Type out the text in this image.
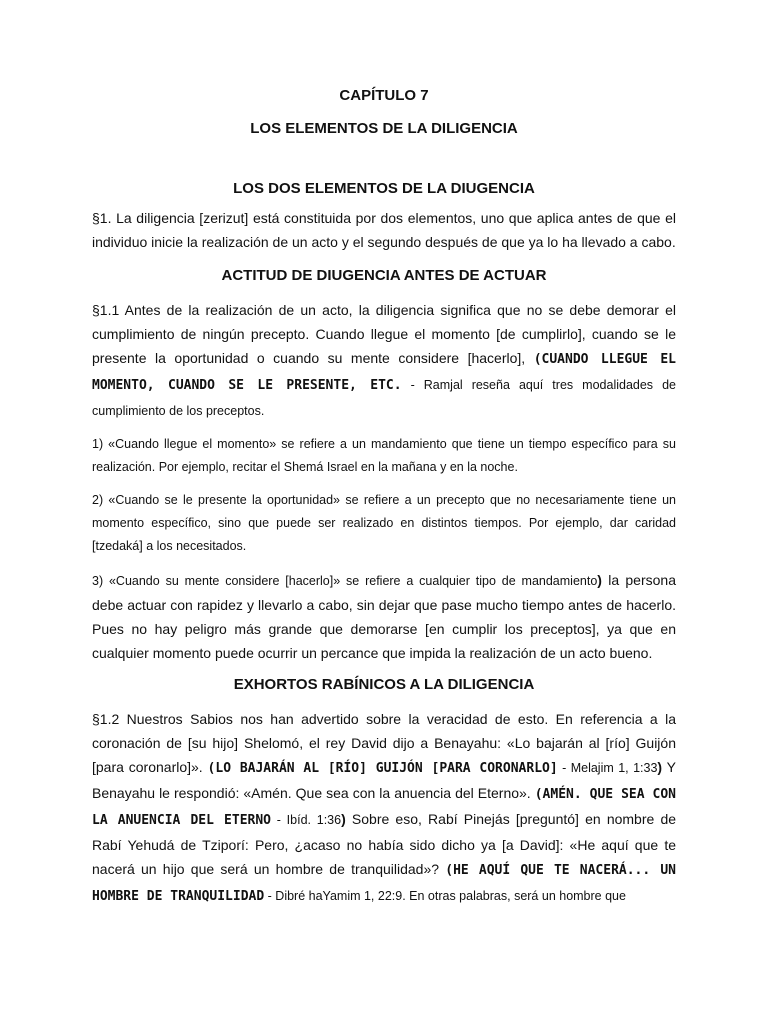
CAPÍTULO 7
LOS ELEMENTOS DE LA DILIGENCIA
LOS DOS ELEMENTOS DE LA DIUGENCIA

§1. La diligencia [zerizut] está constituida por dos elementos, uno que aplica antes de que el individuo inicie la realización de un acto y el segundo después de que ya lo ha llevado a cabo.

ACTITUD DE DIUGENCIA ANTES DE ACTUAR

§1.1 Antes de la realización de un acto, la diligencia significa que no se debe demorar el cumplimiento de ningún precepto. Cuando llegue el momento [de cumplirlo], cuando se le presente la oportunidad o cuando su mente considere [hacerlo], (CUANDO LLEGUE EL MOMENTO, CUANDO SE LE PRESENTE, ETC. - Ramjal reseña aquí tres modalidades de cumplimiento de los preceptos.

1) «Cuando llegue el momento» se refiere a un mandamiento que tiene un tiempo específico para su realización. Por ejemplo, recitar el Shemá Israel en la mañana y en la noche.

2) «Cuando se le presente la oportunidad» se refiere a un precepto que no necesariamente tiene un momento específico, sino que puede ser realizado en distintos tiempos. Por ejemplo, dar caridad [tzedaká] a los necesitados.

3) «Cuando su mente considere [hacerlo]» se refiere a cualquier tipo de mandamiento) la persona debe actuar con rapidez y llevarlo a cabo, sin dejar que pase mucho tiempo antes de hacerlo. Pues no hay peligro más grande que demorarse [en cumplir los preceptos], ya que en cualquier momento puede ocurrir un percance que impida la realización de un acto bueno.

EXHORTOS RABÍNICOS A LA DILIGENCIA

§1.2 Nuestros Sabios nos han advertido sobre la veracidad de esto. En referencia a la coronación de [su hijo] Shelomó, el rey David dijo a Benayahu: «Lo bajarán al [río] Guijón [para coronarlo]». (LO BAJARÁN AL [RÍO] GUIJÓN [PARA CORONARLO] - Melajim 1, 1:33) Y Benayahu le respondió: «Amén. Que sea con la anuencia del Eterno». (AMÉN. QUE SEA CON LA ANUENCIA DEL ETERNO - Ibíd. 1:36) Sobre eso, Rabí Pinejás [preguntó] en nombre de Rabí Yehudá de Tziporí: Pero, ¿acaso no había sido dicho ya [a David]: «He aquí que te nacerá un hijo que será un hombre de tranquilidad»? (HE AQUÍ QUE TE NACERÁ... UN HOMBRE DE TRANQUILIDAD - Dibré haYamim 1, 22:9. En otras palabras, será un hombre que
